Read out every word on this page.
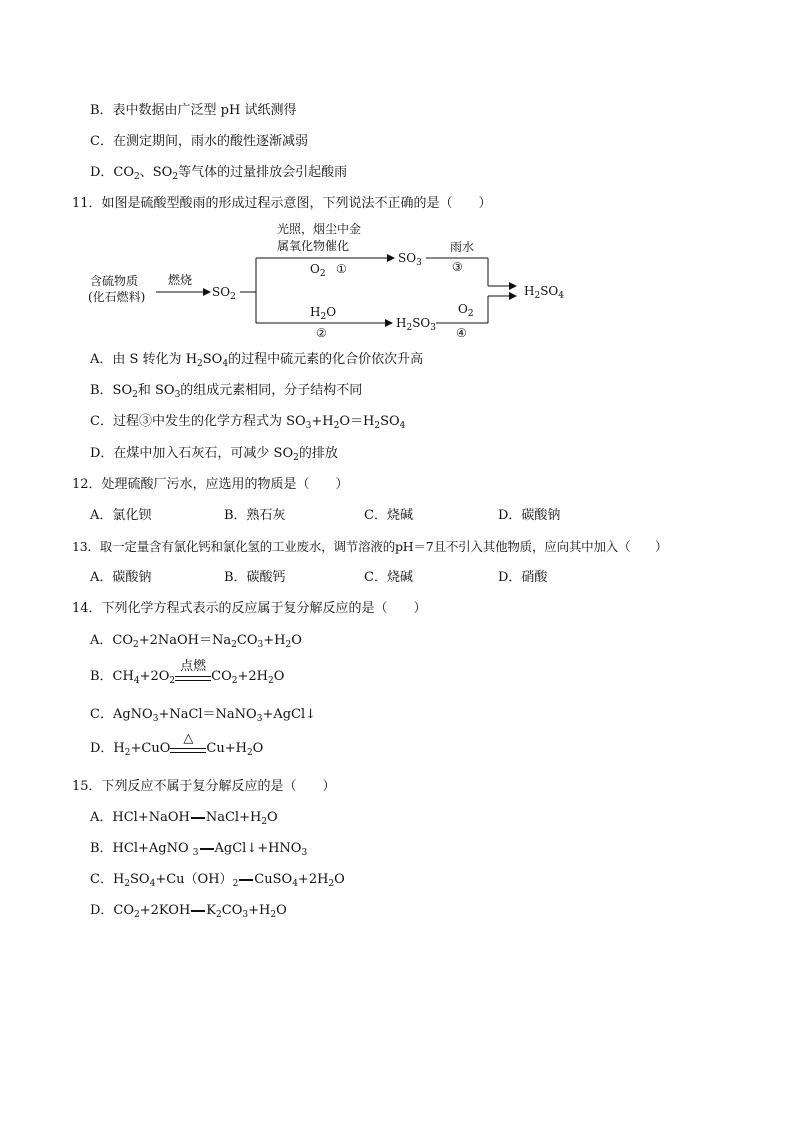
B．表中数据由广泛型 pH 试纸测得
C．在测定期间，雨水的酸性逐渐减弱
D．$CO_2$、$SO_2$等气体的过量排放会引起酸雨
11．如图是硫酸型酸雨的形成过程示意图，下列说法不正确的是（　　）
含硫物质
(化石燃料)
燃烧
$SO_2$
光照，烟尘中金
属氧化物催化
$O_2$ ①
$SO_3$
雨水
③
$H_2O$
②
$H_2SO_3$
$O_2$
④
$H_2SO_4$
A．由 S 转化为 $H_2SO_4$的过程中硫元素的化合价依次升高
B．$SO_2$和 $SO_3$的组成元素相同，分子结构不同
C．过程③中发生的化学方程式为 $SO_3+H_2O=H_2SO_4$
D．在煤中加入石灰石，可减少 $SO_2$的排放
12．处理硫酸厂污水，应选用的物质是（　　）
A．氯化钡	B．熟石灰	C．烧碱	D．碳酸钠
13．取一定量含有氯化钙和氯化氢的工业废水，调节溶液的pH＝7且不引入其他物质，应向其中加入（　　）
A．碳酸钠	B．碳酸钙	C．烧碱	D．硝酸
14．下列化学方程式表示的反应属于复分解反应的是（　　）
A．$CO_2+2NaOH=Na_2CO_3+H_2O$
B．$CH_4+2O_2$
点燃
$CO_2+2H_2O$
C．AgNO$_3$+NaCl＝NaNO$_3$+AgCl↓
D．$H_2+CuO$
△
$Cu+H_2O$
15．下列反应不属于复分解反应的是（　　）
A．HCl+NaOH $NaCl+H_2O$
B．HCl+AgNO $_3$ $AgCl↓+HNO_3$
C．$H_2SO_4+Cu(OH)_2$ $CuSO_4+2H_2O$
D．$CO_2+2KOH$ $K_2CO_3+H_2O$
